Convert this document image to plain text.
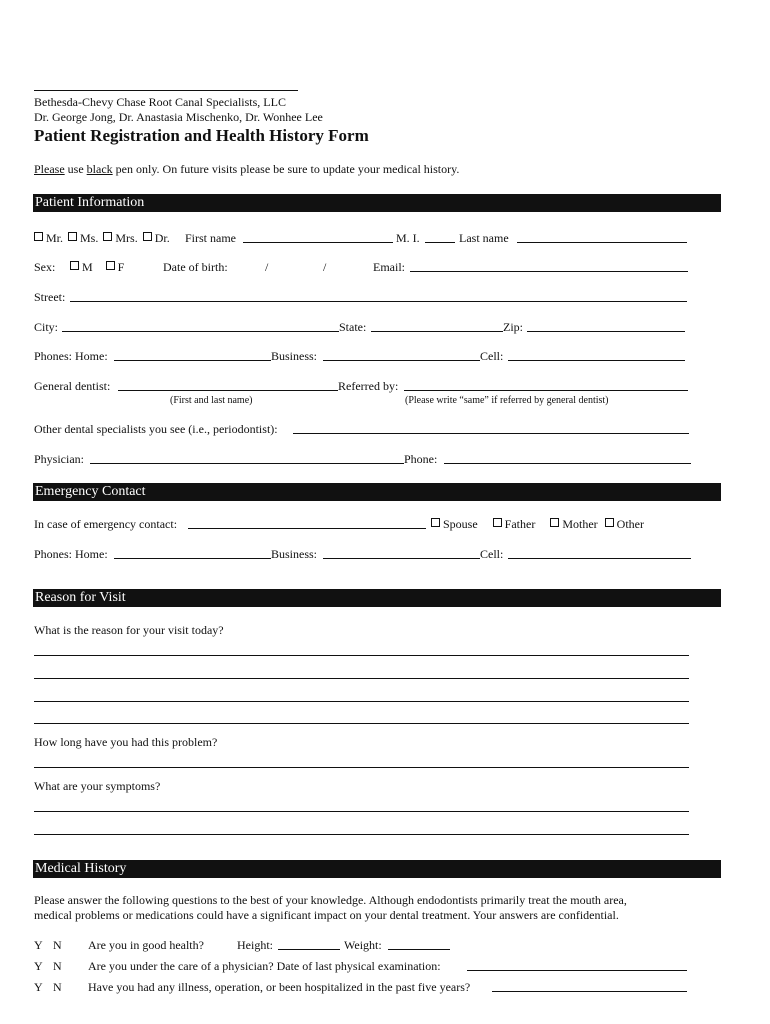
Bethesda-Chevy Chase Root Canal Specialists, LLC
Dr. George Jong, Dr. Anastasia Mischenko, Dr. Wonhee Lee
Patient Registration and Health History Form
Please use black pen only. On future visits please be sure to update your medical history.
Patient Information
Mr. Ms. Mrs. Dr. First name	M. I.	Last name
Sex:	M F	Date of birth:	/	/	Email:
Street:
City:	State:	Zip:
Phones: Home:	Business:	Cell:
General dentist:	Referred by:
(First and last name)	(Please write “same” if referred by general dentist)
Other dental specialists you see (i.e., periodontist):
Physician:	Phone:
Emergency Contact
In case of emergency contact:	Spouse Father Mother Other
Phones: Home:	Business:	Cell:
Reason for Visit
What is the reason for your visit today?
How long have you had this problem?
What are your symptoms?
Medical History
Please answer the following questions to the best of your knowledge. Although endodontists primarily treat the mouth area,
medical problems or medications could have a significant impact on your dental treatment. Your answers are confidential.
Y N Are you in good health?	Height:	Weight:
Y N Are you under the care of a physician? Date of last physical examination:
Y N Have you had any illness, operation, or been hospitalized in the past five years?
